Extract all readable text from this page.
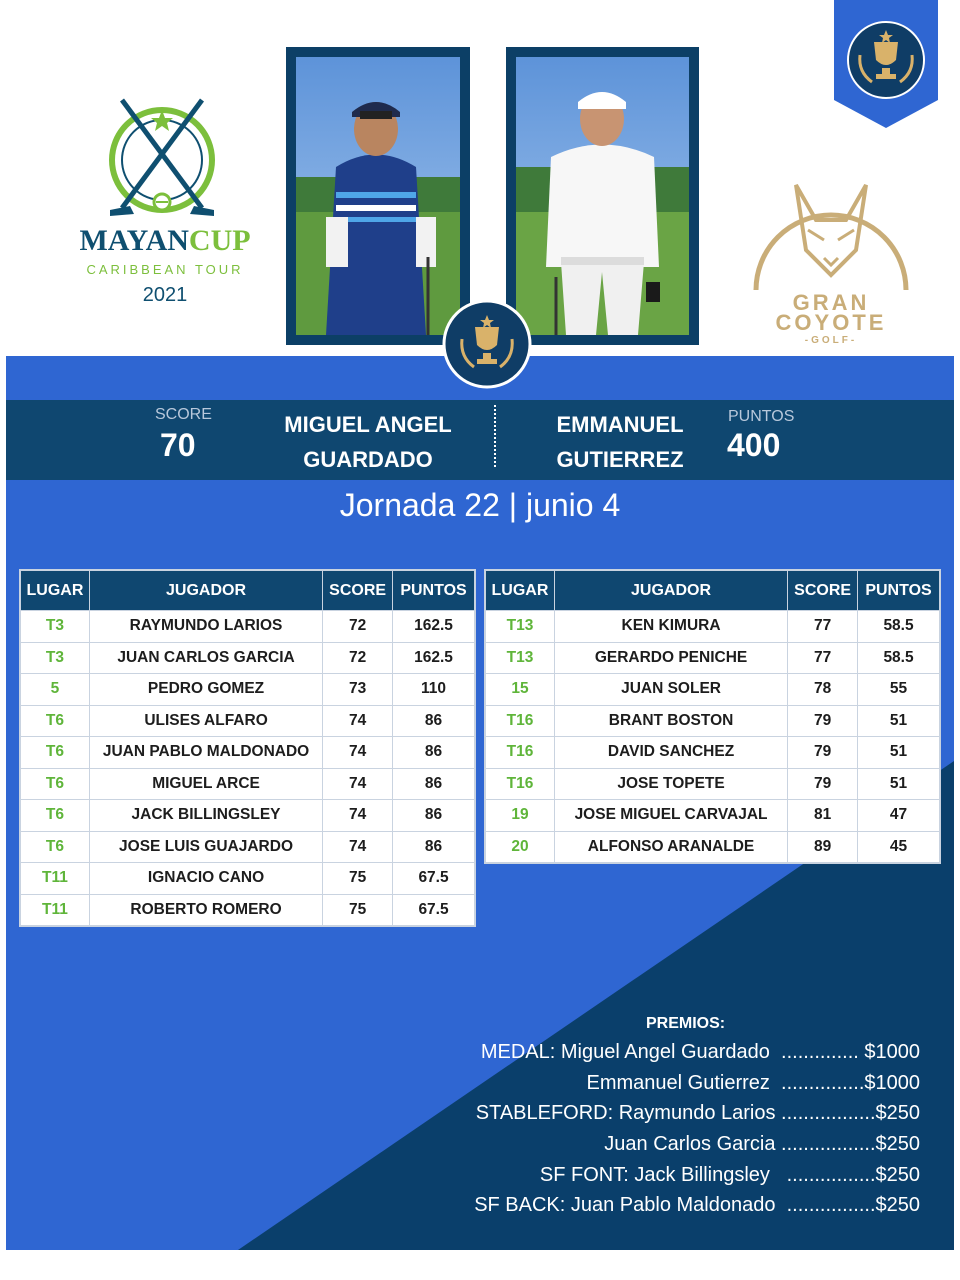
MAYANCUP
CARIBBEAN TOUR
2021	GRAN
COYOTE
-GOLF-
SCORE
70
MIGUEL ANGEL
GUARDADO
EMMANUEL
GUTIERREZ
PUNTOS
400
Jornada 22 | junio 4
LUGAR	JUGADOR	SCORE	PUNTOS
T3	RAYMUNDO LARIOS	72	162.5
T3	JUAN CARLOS GARCIA	72	162.5
5	PEDRO GOMEZ	73	110
T6	ULISES ALFARO	74	86
T6	JUAN PABLO MALDONADO	74	86
T6	MIGUEL ARCE	74	86
T6	JACK BILLINGSLEY	74	86
T6	JOSE LUIS GUAJARDO	74	86
T11	IGNACIO CANO	75	67.5
T11	ROBERTO ROMERO	75	67.5
LUGAR	JUGADOR	SCORE	PUNTOS
T13	KEN KIMURA	77	58.5
T13	GERARDO PENICHE	77	58.5
15	JUAN SOLER	78	55
T16	BRANT BOSTON	79	51
T16	DAVID SANCHEZ	79	51
T16	JOSE TOPETE	79	51
19	JOSE MIGUEL CARVAJAL	81	47
20	ALFONSO ARANALDE	89	45
PREMIOS:
MEDAL: Miguel Angel Guardado  .............. $1000
Emmanuel Gutierrez  ...............$1000
STABLEFORD: Raymundo Larios .................$250
Juan Carlos Garcia .................$250
SF FONT: Jack Billingsley   ................$250
SF BACK: Juan Pablo Maldonado  ................$250
